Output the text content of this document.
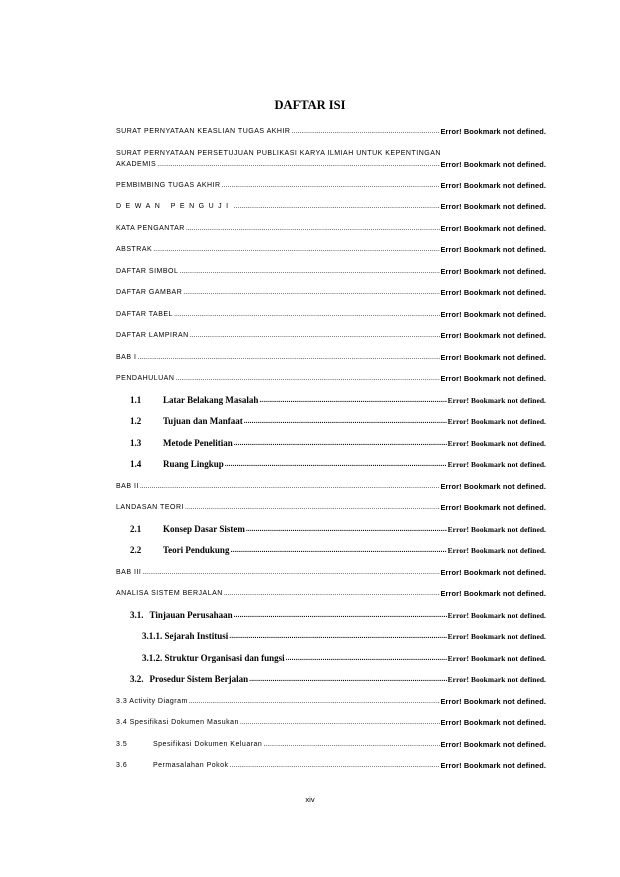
DAFTAR ISI
SURAT PERNYATAAN KEASLIAN TUGAS AKHIR .....	Error! Bookmark not defined.
SURAT PERNYATAAN PERSETUJUAN PUBLIKASI KARYA ILMIAH UNTUK KEPENTINGAN
AKADEMIS .....	Error! Bookmark not defined.
PEMBIMBING TUGAS AKHIR .....	Error! Bookmark not defined.
DEWAN PENGUJI .....	Error! Bookmark not defined.
KATA PENGANTAR .....	Error! Bookmark not defined.
ABSTRAK .....	Error! Bookmark not defined.
DAFTAR SIMBOL .....	Error! Bookmark not defined.
DAFTAR GAMBAR .....	Error! Bookmark not defined.
DAFTAR TABEL .....	Error! Bookmark not defined.
DAFTAR LAMPIRAN .....	Error! Bookmark not defined.
BAB I .....	Error! Bookmark not defined.
PENDAHULUAN .....	Error! Bookmark not defined.
1.1	Latar Belakang Masalah .....	Error! Bookmark not defined.
1.2	Tujuan dan Manfaat .....	Error! Bookmark not defined.
1.3	Metode Penelitian .....	Error! Bookmark not defined.
1.4	Ruang Lingkup .....	Error! Bookmark not defined.
BAB II .....	Error! Bookmark not defined.
LANDASAN TEORI .....	Error! Bookmark not defined.
2.1	Konsep Dasar Sistem .....	Error! Bookmark not defined.
2.2	Teori Pendukung .....	Error! Bookmark not defined.
BAB III .....	Error! Bookmark not defined.
ANALISA SISTEM BERJALAN .....	Error! Bookmark not defined.
3.1. Tinjauan Perusahaan .....	Error! Bookmark not defined.
3.1.1. Sejarah Institusi .....	Error! Bookmark not defined.
3.1.2. Struktur Organisasi dan fungsi .....	Error! Bookmark not defined.
3.2. Prosedur Sistem Berjalan .....	Error! Bookmark not defined.
3.3 Activity Diagram .....	Error! Bookmark not defined.
3.4 Spesifikasi Dokumen Masukan .....	Error! Bookmark not defined.
3.5	Spesifikasi Dokumen Keluaran .....	Error! Bookmark not defined.
3.6	Permasalahan Pokok .....	Error! Bookmark not defined.
xiv
